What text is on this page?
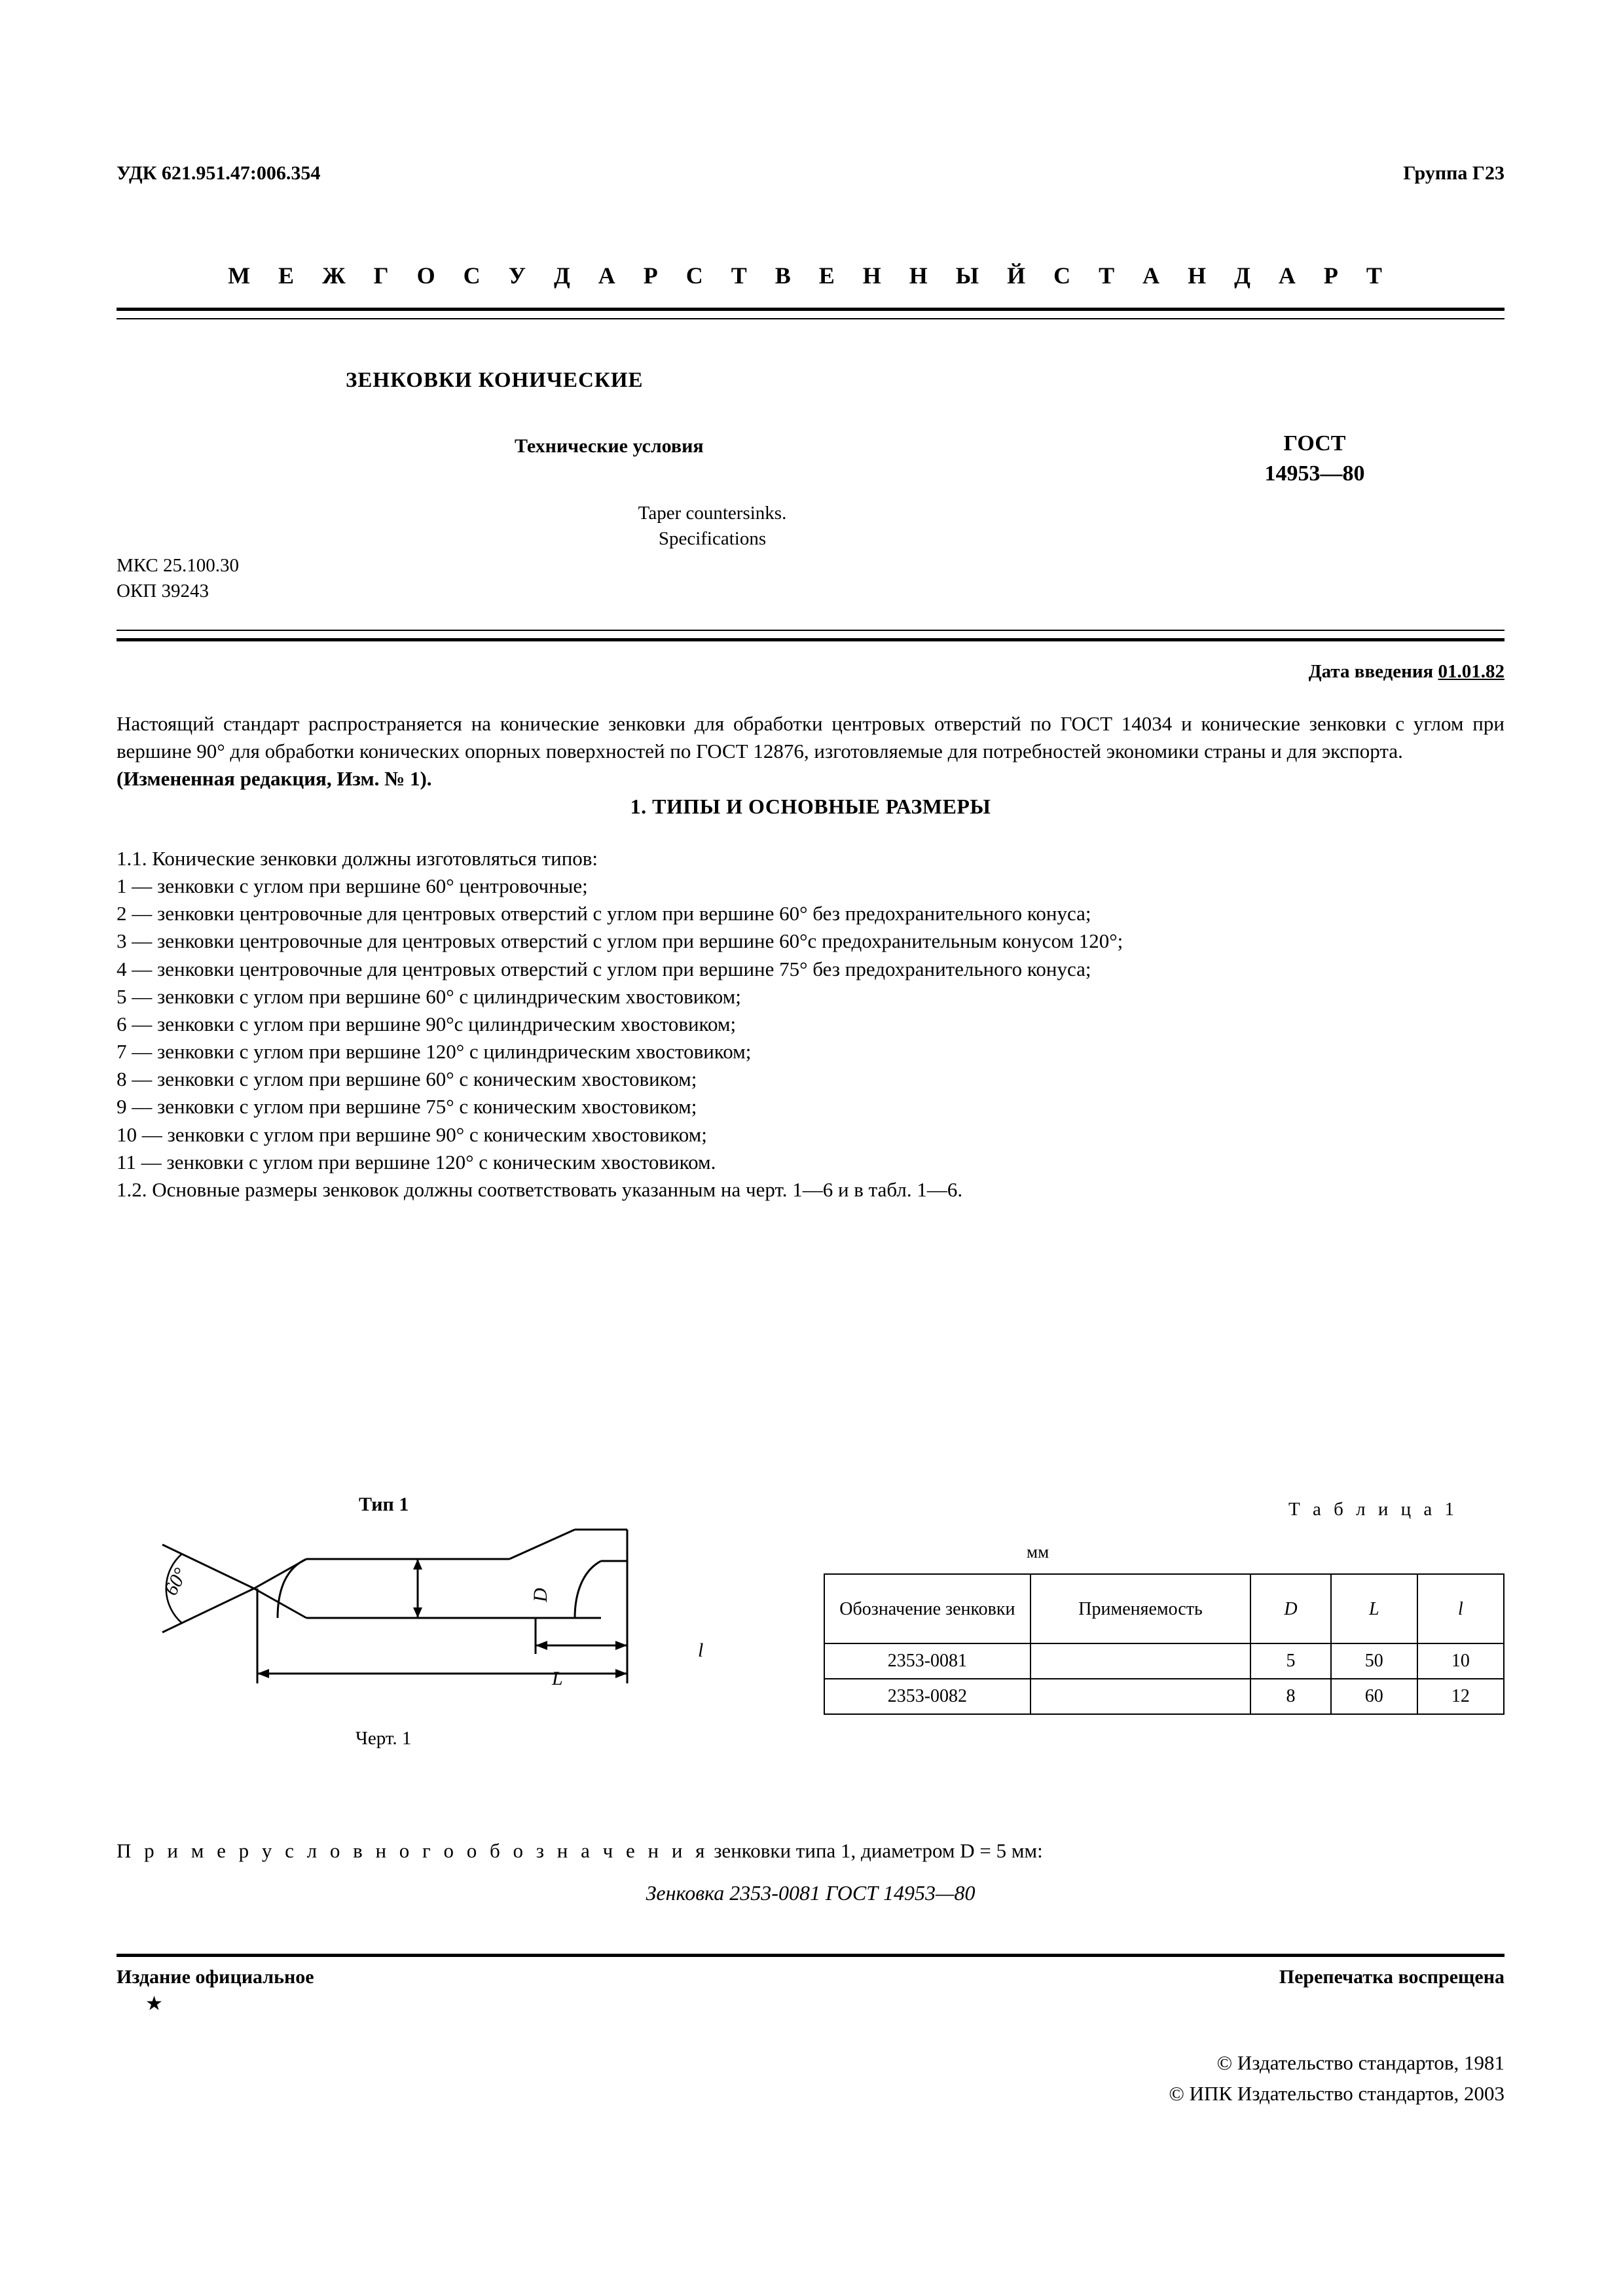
УДК 621.951.47:006.354	Группа Г23
М Е Ж Г О С У Д А Р С Т В Е Н Н Ы Й С Т А Н Д А Р Т
ЗЕНКОВКИ КОНИЧЕСКИЕ
Технические условия	ГОСТ
14953—80
Taper countersinks.
Specifications
МКС 25.100.30
ОКП 39243
Дата введения 01.01.82

Настоящий стандарт распространяется на конические зенковки для обработки центровых отверстий по ГОСТ 14034 и конические зенковки с углом при вершине 90° для обработки конических опорных поверхностей по ГОСТ 12876, изготовляемые для потребностей экономики страны и для экспорта.

(Измененная редакция, Изм. № 1).

1. ТИПЫ И ОСНОВНЫЕ РАЗМЕРЫ

1.1. Конические зенковки должны изготовляться типов:

1 — зенковки с углом при вершине 60° центровочные;

2 — зенковки центровочные для центровых отверстий с углом при вершине 60° без предохранительного конуса;

3 — зенковки центровочные для центровых отверстий с углом при вершине 60°с предохранительным конусом 120°;

4 — зенковки центровочные для центровых отверстий с углом при вершине 75° без предохранительного конуса;

5 — зенковки с углом при вершине 60° с цилиндрическим хвостовиком;

6 — зенковки с углом при вершине 90°с цилиндрическим хвостовиком;

7 — зенковки с углом при вершине 120° с цилиндрическим хвостовиком;

8 — зенковки с углом при вершине 60° с коническим хвостовиком;

9 — зенковки с углом при вершине 75° с коническим хвостовиком;

10 — зенковки с углом при вершине 90° с коническим хвостовиком;

11 — зенковки с углом при вершине 120° с коническим хвостовиком.

1.2. Основные размеры зенковок должны соответствовать указанным на черт. 1—6 и в табл. 1—6.

Тип 1
60°	D
L
l
Черт. 1
Т а б л и ц а 1
мм
Обозначение зенковки	Применяемость	D	L	l
2353-0081		5	50	10
2353-0082		8	60	12
П р и м е р у с л о в н о г о о б о з н а ч е н и я зенковки типа 1, диаметром D = 5 мм:
Зенковка 2353-0081 ГОСТ 14953—80
Издание официальное	Перепечатка воспрещена
★
© Издательство стандартов, 1981
© ИПК Издательство стандартов, 2003
